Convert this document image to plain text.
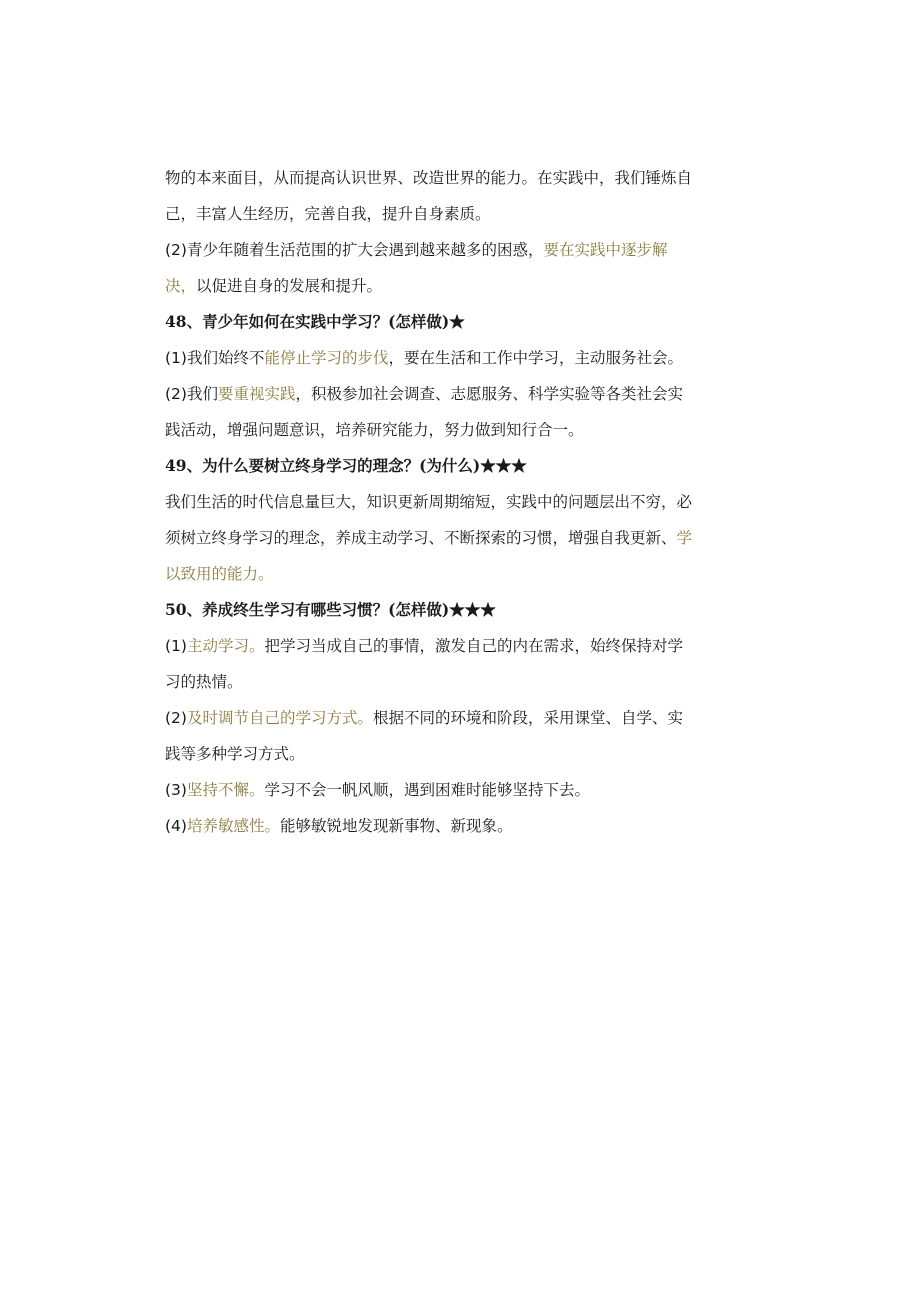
物的本来面目，从而提高认识世界、改造世界的能力。在实践中，我们锤炼自
己，丰富人生经历，完善自我，提升自身素质。
(2)青少年随着生活范围的扩大会遇到越来越多的困惑，要在实践中逐步解
决，以促进自身的发展和提升。
48、青少年如何在实践中学习？(怎样做)★
(1)我们始终不能停止学习的步伐，要在生活和工作中学习，主动服务社会。
(2)我们要重视实践，积极参加社会调查、志愿服务、科学实验等各类社会实
践活动，增强问题意识，培养研究能力，努力做到知行合一。
49、为什么要树立终身学习的理念？(为什么)★★★
我们生活的时代信息量巨大，知识更新周期缩短，实践中的问题层出不穷，必
须树立终身学习的理念，养成主动学习、不断探索的习惯，增强自我更新、学
以致用的能力。
50、养成终生学习有哪些习惯？(怎样做)★★★
(1)主动学习。把学习当成自己的事情，激发自己的内在需求，始终保持对学
习的热情。
(2)及时调节自己的学习方式。根据不同的环境和阶段，采用课堂、自学、实
践等多种学习方式。
(3)坚持不懈。学习不会一帆风顺，遇到困难时能够坚持下去。
(4)培养敏感性。能够敏锐地发现新事物、新现象。
